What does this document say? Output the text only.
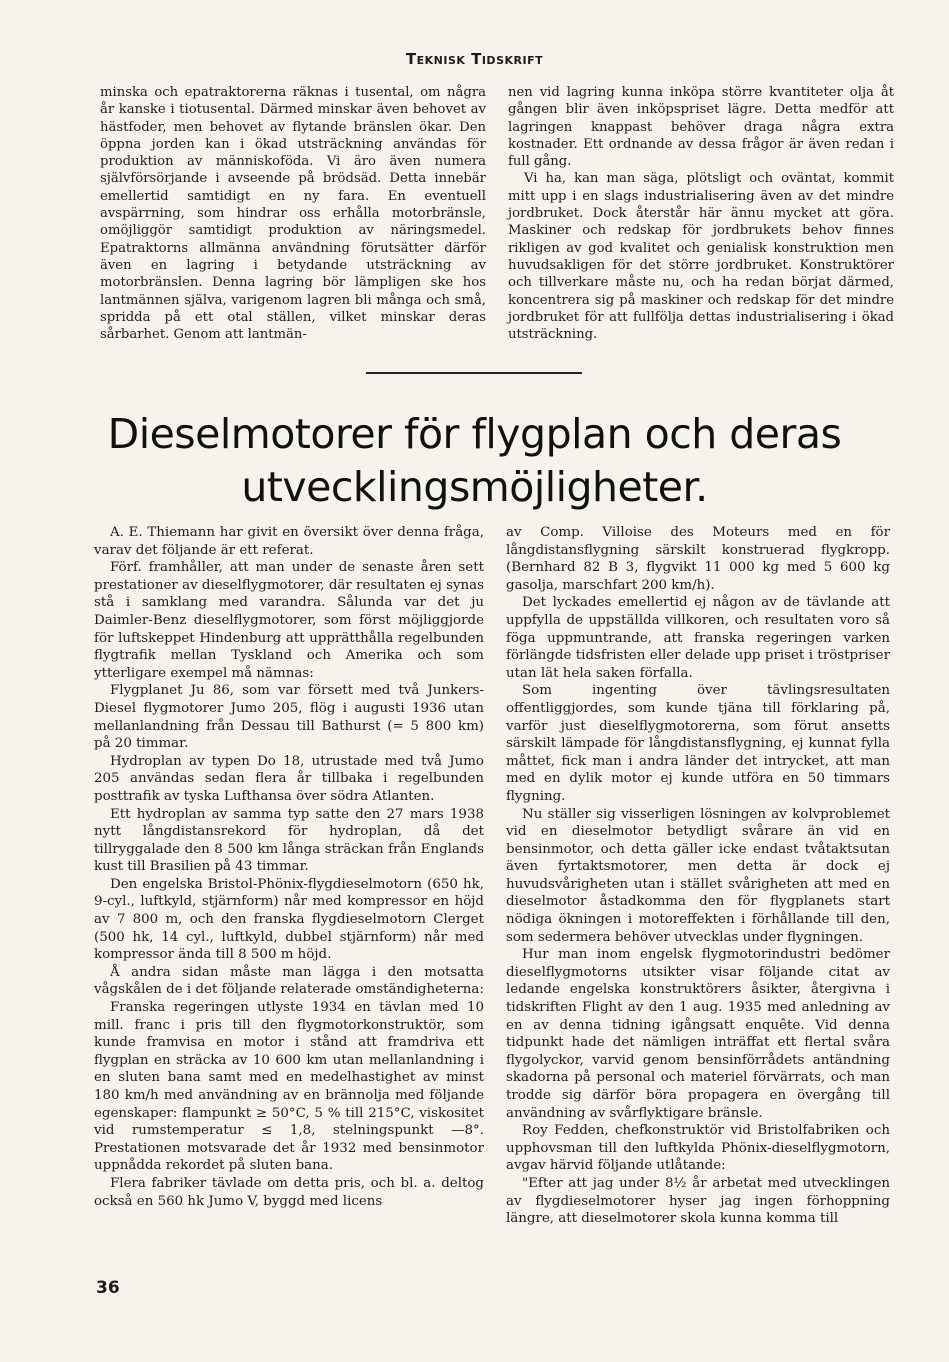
Teknisk Tidskrift

minska och epatraktorerna räknas i tusental, om några år kanske i tiotusental. Därmed minskar även behovet av hästfoder, men behovet av flytande bränslen ökar. Den öppna jorden kan i ökad utsträckning användas för produktion av människoföda. Vi äro även numera självförsörjande i avseende på brödsäd. Detta innebär emellertid samtidigt en ny fara. En eventuell avspärrning, som hindrar oss erhålla motorbränsle, omöjliggör samtidigt produktion av näringsmedel. Epatraktorns allmänna användning förutsätter därför även en lagring i betydande utsträckning av motorbränslen. Denna lagring bör lämpligen ske hos lantmännen själva, varigenom lagren bli många och små, spridda på ett otal ställen, vilket minskar deras sårbarhet. Genom att lantmän-

nen vid lagring kunna inköpa större kvantiteter olja åt gången blir även inköpspriset lägre. Detta medför att lagringen knappast behöver draga några extra kostnader. Ett ordnande av dessa frågor är även redan i full gång.

Vi ha, kan man säga, plötsligt och oväntat, kommit mitt upp i en slags industrialisering även av det mindre jordbruket. Dock återstår här ännu mycket att göra. Maskiner och redskap för jordbrukets behov finnes rikligen av god kvalitet och genialisk konstruktion men huvudsakligen för det större jordbruket. Konstruktörer och tillverkare måste nu, och ha redan börjat därmed, koncentrera sig på maskiner och redskap för det mindre jordbruket för att fullfölja dettas industrialisering i ökad utsträckning.

Dieselmotorer för flygplan och deras
utvecklingsmöjligheter.

A. E. Thiemann har givit en översikt över denna fråga, varav det följande är ett referat.

Förf. framhåller, att man under de senaste åren sett prestationer av dieselflygmotorer, där resultaten ej synas stå i samklang med varandra. Sålunda var det ju Daimler-Benz dieselflygmotorer, som först möjliggjorde för luftskeppet Hindenburg att upprätthålla regelbunden flygtrafik mellan Tyskland och Amerika och som ytterligare exempel må nämnas:

Flygplanet Ju 86, som var försett med två Junkers-Diesel flygmotorer Jumo 205, flög i augusti 1936 utan mellanlandning från Dessau till Bathurst (= 5 800 km) på 20 timmar.

Hydroplan av typen Do 18, utrustade med två Jumo 205 användas sedan flera år tillbaka i regelbunden posttrafik av tyska Lufthansa över södra Atlanten.

Ett hydroplan av samma typ satte den 27 mars 1938 nytt långdistansrekord för hydroplan, då det tillryggalade den 8 500 km långa sträckan från Englands kust till Brasilien på 43 timmar.

Den engelska Bristol-Phönix-flygdieselmotorn (650 hk, 9-cyl., luftkyld, stjärnform) når med kompressor en höjd av 7 800 m, och den franska flygdieselmotorn Clerget (500 hk, 14 cyl., luftkyld, dubbel stjärnform) når med kompressor ända till 8 500 m höjd.

Å andra sidan måste man lägga i den motsatta vågskålen de i det följande relaterade omständigheterna:

Franska regeringen utlyste 1934 en tävlan med 10 mill. franc i pris till den flygmotorkonstruktör, som kunde framvisa en motor i stånd att framdriva ett flygplan en sträcka av 10 600 km utan mellanlandning i en sluten bana samt med en medelhastighet av minst 180 km/h med användning av en brännolja med följande egenskaper: flampunkt ≥ 50°C, 5 % till 215°C, viskositet vid rumstemperatur ≤ 1,8, stelningspunkt —8°. Prestationen motsvarade det år 1932 med bensinmotor uppnådda rekordet på sluten bana.

Flera fabriker tävlade om detta pris, och bl. a. deltog också en 560 hk Jumo V, byggd med licens

av Comp. Villoise des Moteurs med en för långdistansflygning särskilt konstruerad flygkropp. (Bernhard 82 B 3, flygvikt 11 000 kg med 5 600 kg gasolja, marschfart 200 km/h).

Det lyckades emellertid ej någon av de tävlande att uppfylla de uppställda villkoren, och resultaten voro så föga uppmuntrande, att franska regeringen varken förlängde tidsfristen eller delade upp priset i tröstpriser utan lät hela saken förfalla.

Som ingenting över tävlingsresultaten offentliggjordes, som kunde tjäna till förklaring på, varför just dieselflygmotorerna, som förut ansetts särskilt lämpade för långdistansflygning, ej kunnat fylla måttet, fick man i andra länder det intrycket, att man med en dylik motor ej kunde utföra en 50 timmars flygning.

Nu ställer sig visserligen lösningen av kolvproblemet vid en dieselmotor betydligt svårare än vid en bensinmotor, och detta gäller icke endast tvåtaktsutan även fyrtaktsmotorer, men detta är dock ej huvudsvårigheten utan i stället svårigheten att med en dieselmotor åstadkomma den för flygplanets start nödiga ökningen i motoreffekten i förhållande till den, som sedermera behöver utvecklas under flygningen.

Hur man inom engelsk flygmotorindustri bedömer dieselflygmotorns utsikter visar följande citat av ledande engelska konstruktörers åsikter, återgivna i tidskriften Flight av den 1 aug. 1935 med anledning av en av denna tidning igångsatt enquête. Vid denna tidpunkt hade det nämligen inträffat ett flertal svåra flygolyckor, varvid genom bensinförrådets antändning skadorna på personal och materiel förvärrats, och man trodde sig därför böra propagera en övergång till användning av svårflyktigare bränsle.

Roy Fedden, chefkonstruktör vid Bristolfabriken och upphovsman till den luftkylda Phönix-dieselflygmotorn, avgav härvid följande utlåtande:

"Efter att jag under 8½ år arbetat med utvecklingen av flygdieselmotorer hyser jag ingen förhoppning längre, att dieselmotorer skola kunna komma till

36
